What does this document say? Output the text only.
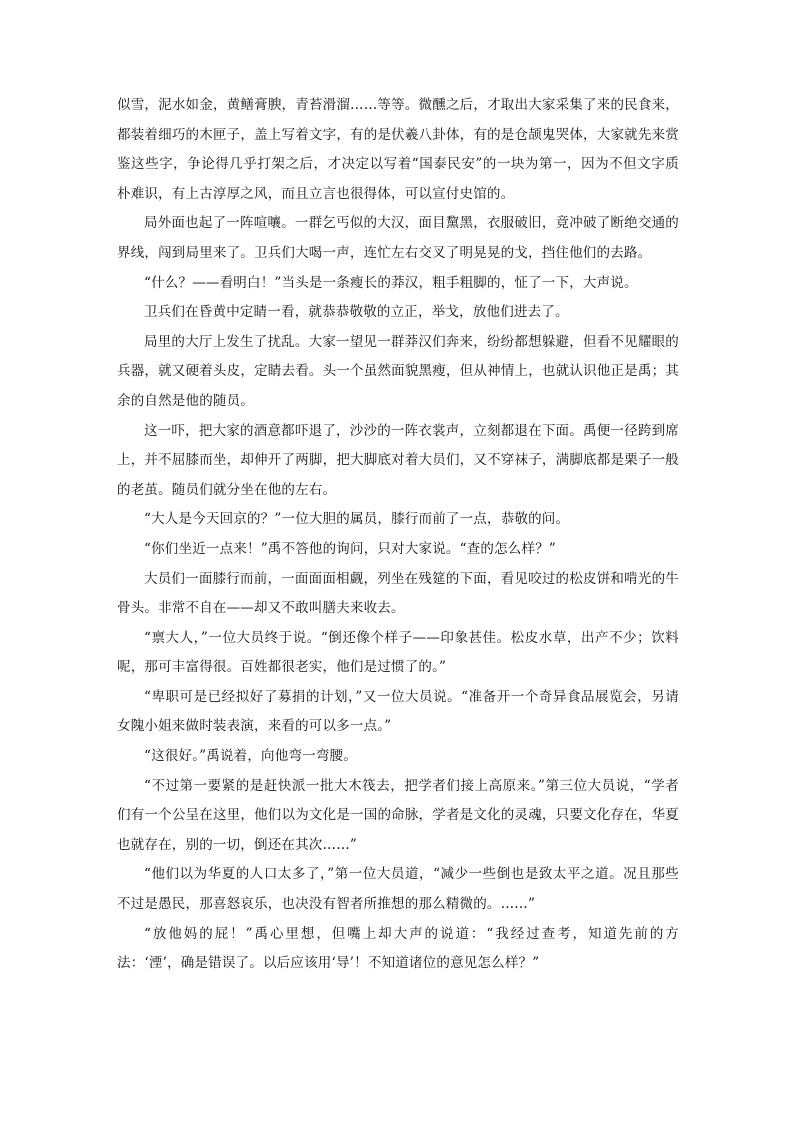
似雪，泥水如金，黄鳝膏腴，青苔滑溜……等等。微醺之后，才取出大家采集了来的民食来，都装着细巧的木匣子，盖上写着文字，有的是伏羲八卦体，有的是仓颉鬼哭体，大家就先来赏鉴这些字，争论得几乎打架之后，才决定以写着“国泰民安”的一块为第一，因为不但文字质朴难识，有上古淳厚之风，而且立言也很得体，可以宣付史馆的。

局外面也起了一阵喧嚷。一群乞丐似的大汉，面目黧黑，衣服破旧，竟冲破了断绝交通的界线，闯到局里来了。卫兵们大喝一声，连忙左右交叉了明晃晃的戈，挡住他们的去路。

“什么？——看明白！”当头是一条瘦长的莽汉，粗手粗脚的，怔了一下，大声说。

卫兵们在昏黄中定睛一看，就恭恭敬敬的立正，举戈，放他们进去了。

局里的大厅上发生了扰乱。大家一望见一群莽汉们奔来，纷纷都想躲避，但看不见耀眼的兵器，就又硬着头皮，定睛去看。头一个虽然面貌黑瘦，但从神情上，也就认识他正是禹；其余的自然是他的随员。

这一吓，把大家的酒意都吓退了，沙沙的一阵衣裳声，立刻都退在下面。禹便一径跨到席上，并不屈膝而坐，却伸开了两脚，把大脚底对着大员们，又不穿袜子，满脚底都是栗子一般的老茧。随员们就分坐在他的左右。

“大人是今天回京的？”一位大胆的属员，膝行而前了一点，恭敬的问。

“你们坐近一点来！”禹不答他的询问，只对大家说。“查的怎么样？”

大员们一面膝行而前，一面面面相觑，列坐在残筵的下面，看见咬过的松皮饼和啃光的牛骨头。非常不自在——却又不敢叫膳夫来收去。

“禀大人，”一位大员终于说。“倒还像个样子——印象甚佳。松皮水草，出产不少；饮料呢，那可丰富得很。百姓都很老实，他们是过惯了的。”

“卑职可是已经拟好了募捐的计划，”又一位大员说。“准备开一个奇异食品展览会，另请女隗小姐来做时装表演，来看的可以多一点。”

“这很好。”禹说着，向他弯一弯腰。

“不过第一要紧的是赶快派一批大木筏去，把学者们接上高原来。”第三位大员说，“学者们有一个公呈在这里，他们以为文化是一国的命脉，学者是文化的灵魂，只要文化存在，华夏也就存在，别的一切，倒还在其次……”

“他们以为华夏的人口太多了，”第一位大员道，“减少一些倒也是致太平之道。况且那些不过是愚民，那喜怒哀乐，也决没有智者所推想的那么精微的。……”

“放他妈的屁！”禹心里想，但嘴上却大声的说道：“我经过查考，知道先前的方法：‘湮’，确是错误了。以后应该用‘导’！不知道诸位的意见怎么样？”
